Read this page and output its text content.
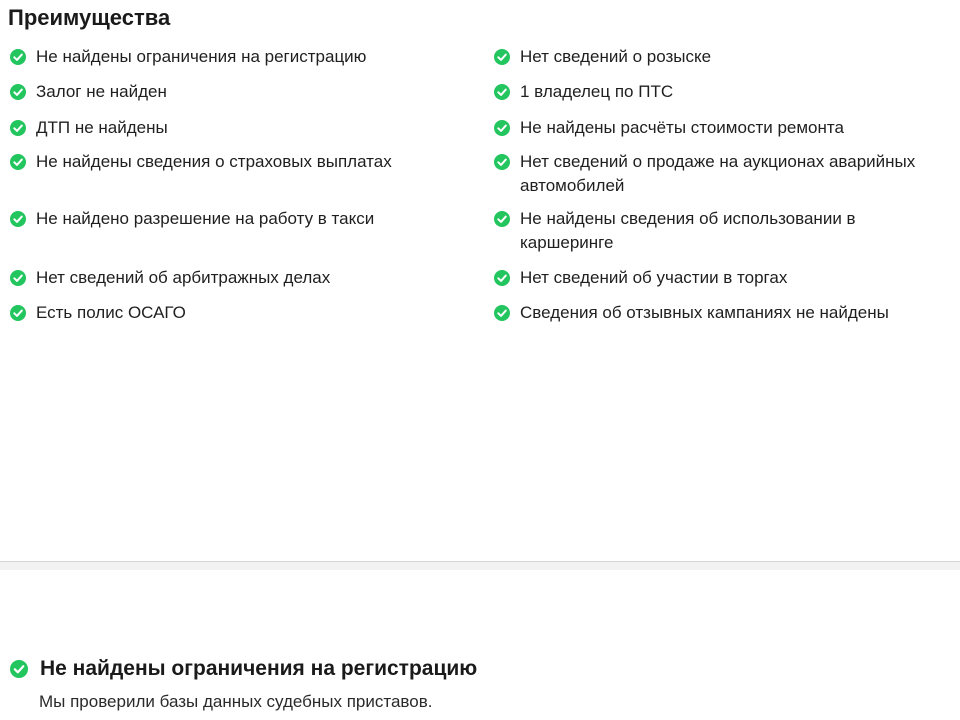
Преимущества
Не найдены ограничения на регистрацию
Залог не найден
ДТП не найдены
Не найдены сведения о страховых выплатах
Не найдено разрешение на работу в такси
Нет сведений об арбитражных делах
Есть полис ОСАГО
Нет сведений о розыске
1 владелец по ПТС
Не найдены расчёты стоимости ремонта
Нет сведений о продаже на аукционах аварийных автомобилей
Не найдены сведения об использовании в каршеринге
Нет сведений об участии в торгах
Сведения об отзывных кампаниях не найдены
Не найдены ограничения на регистрацию
Мы проверили базы данных судебных приставов.
